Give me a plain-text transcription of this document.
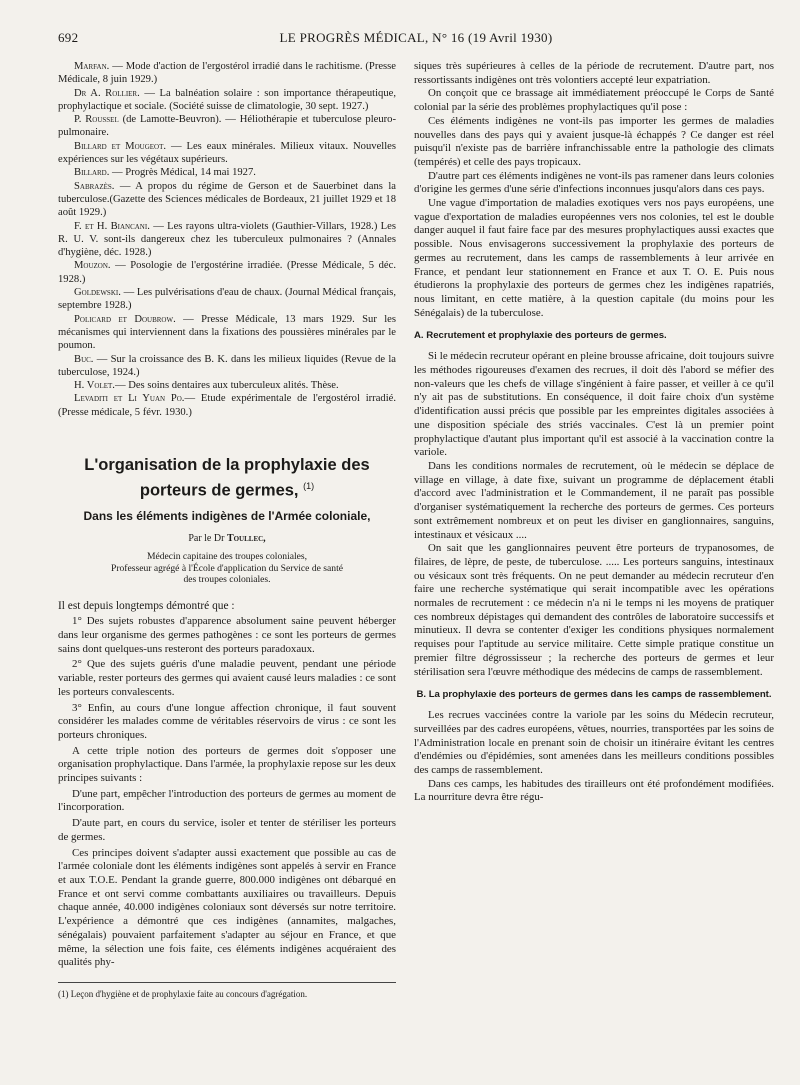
692	LE PROGRÈS MÉDICAL, N° 16 (19 Avril 1930)

Marfan. — Mode d'action de l'ergostérol irradié dans le rachitisme. (Presse Médicale, 8 juin 1929.)

Dr A. Rollier. — La balnéation solaire : son importance thérapeutique, prophylactique et sociale. (Société suisse de climatologie, 30 sept. 1927.)

P. Roussel (de Lamotte-Beuvron). — Héliothérapie et tuberculose pleuro-pulmonaire.

Billard et Mougeot. — Les eaux minérales. Milieux vitaux. Nouvelles expériences sur les végétaux supérieurs.

Billard. — Progrès Médical, 14 mai 1927.

Sabrazès. — A propos du régime de Gerson et de Sauerbinet dans la tuberculose.(Gazette des Sciences médicales de Bordeaux, 21 juillet 1929 et 18 août 1929.)

F. et H. Biancani. — Les rayons ultra-violets (Gauthier-Villars, 1928.) Les R. U. V. sont-ils dangereux chez les tuberculeux pulmonaires ? (Annales d'hygiène, déc. 1928.)

Mouzon. — Posologie de l'ergostérine irradiée. (Presse Médicale, 5 déc. 1928.)

Goldewski. — Les pulvérisations d'eau de chaux. (Journal Médical français, septembre 1928.)

Policard et Doubrow. — Presse Médicale, 13 mars 1929. Sur les mécanismes qui interviennent dans la fixations des poussières minérales par le poumon.

Buc. — Sur la croissance des B. K. dans les milieux liquides (Revue de la tuberculose, 1924.)

H. Volet.— Des soins dentaires aux tuberculeux alités. Thèse.

Levaditi et Li Yuan Po.— Etude expérimentale de l'ergostérol irradié. (Presse médicale, 5 févr. 1930.)

L'organisation de la prophylaxie des porteurs de germes, $^{(1)}$
Dans les éléments indigènes de l'Armée coloniale,
Par le Dr Toullec,
Médecin capitaine des troupes coloniales,
Professeur agrégé à l'École d'application du Service de santé
des troupes coloniales.

Il est depuis longtemps démontré que :

1° Des sujets robustes d'apparence absolument saine peuvent héberger dans leur organisme des germes pathogènes : ce sont les porteurs de germes sains dont quelques-uns resteront des porteurs paradoxaux.

2° Que des sujets guéris d'une maladie peuvent, pendant une période variable, rester porteurs des germes qui avaient causé leurs maladies : ce sont les porteurs convalescents.

3° Enfin, au cours d'une longue affection chronique, il faut souvent considérer les malades comme de véritables réservoirs de virus : ce sont les porteurs chroniques.

A cette triple notion des porteurs de germes doit s'opposer une organisation prophylactique. Dans l'armée, la prophylaxie repose sur les deux principes suivants :

D'une part, empêcher l'introduction des porteurs de germes au moment de l'incorporation.

D'aute part, en cours du service, isoler et tenter de stériliser les porteurs de germes.

Ces principes doivent s'adapter aussi exactement que possible au cas de l'armée coloniale dont les éléments indigènes sont appelés à servir en France et aux T.O.E. Pendant la grande guerre, 800.000 indigènes ont débarqué en France et ont servi comme combattants auxiliaires ou travailleurs. Depuis chaque année, 40.000 indigènes coloniaux sont déversés sur notre territoire. L'expérience a démontré que ces indigènes (annamites, malgaches, sénégalais) pouvaient parfaitement s'adapter au séjour en France, et que même, la sélection une fois faite, ces éléments indigènes acquéraient des qualités phy-

(1) Leçon d'hygiène et de prophylaxie faite au concours d'agrégation.

siques très supérieures à celles de la période de recrutement. D'autre part, nos ressortissants indigènes ont très volontiers accepté leur expatriation.

On conçoit que ce brassage ait immédiatement préoccupé le Corps de Santé colonial par la série des problèmes prophylactiques qu'il pose :

Ces éléments indigènes ne vont-ils pas importer les germes de maladies nouvelles dans des pays qui y avaient jusque-là échappés ? Ce danger est réel puisqu'il n'existe pas de barrière infranchissable entre la pathologie des climats (tempérés) et celle des pays tropicaux.

D'autre part ces éléments indigènes ne vont-ils pas ramener dans leurs colonies d'origine les germes d'une série d'infections inconnues jusqu'alors dans ces pays.

Une vague d'importation de maladies exotiques vers nos pays européens, une vague d'exportation de maladies européennes vers nos colonies, tel est le double danger auquel il faut faire face par des mesures prophylactiques aussi exactes que possible. Nous envisagerons successivement la prophylaxie des porteurs de germes au recrutement, dans les camps de rassemblements à leur arrivée en France, et pendant leur stationnement en France et aux T. O. E. Puis nous étudierons la prophylaxie des porteurs de germes chez les indigènes rapatriés, nous limitant, en cette matière, à la question capitale (du moins pour les Sénégalais) de la tuberculose.

A. Recrutement et prophylaxie des porteurs de germes.

Si le médecin recruteur opérant en pleine brousse africaine, doit toujours suivre les méthodes rigoureuses d'examen des recrues, il doit dès l'abord se méfier des non-valeurs que les chefs de village s'ingénient à faire passer, et veiller à ce qu'il n'y ait pas de substitutions. En conséquence, il doit faire choix d'un système d'identification aussi précis que possible par les empreintes digitales associées à une disposition spéciale des striés vaccinales. C'est là un premier point prophylactique d'autant plus important qu'il est associé à la vaccination contre la variole.

Dans les conditions normales de recrutement, où le médecin se déplace de village en village, à date fixe, suivant un programme de déplacement établi d'accord avec l'administration et le Commandement, il ne paraît pas possible d'organiser systématiquement la recherche des porteurs de germes. Ces porteurs sont extrêmement nombreux et on peut les diviser en ganglionnaires, sanguins, intestinaux et vésicaux ....

On sait que les ganglionnaires peuvent être porteurs de trypanosomes, de filaires, de lèpre, de peste, de tuberculose. ..... Les porteurs sanguins, intestinaux ou vésicaux sont très fréquents. On ne peut demander au médecin recruteur d'en faire une recherche systématique qui serait incompatible avec les opérations normales de recrutement : ce médecin n'a ni le temps ni les moyens de pratiquer ces nombreux dépistages qui demandent des contrôles de laboratoire successifs et minutieux. Il devra se contenter d'exiger les conditions physiques normalement requises pour l'aptitude au service militaire. Cette simple pratique constitue un premier filtre dégrossisseur ; la recherche des porteurs de germes et leur stérilisation sera l'œuvre méthodique des médecins de camps de rassemblement.

B. La prophylaxie des porteurs de germes dans les camps de rassemblement.

Les recrues vaccinées contre la variole par les soins du Médecin recruteur, surveillées par des cadres européens, vêtues, nourries, transportées par les soins de l'Administration locale en prenant soin de choisir un itinéraire évitant les centres d'endémies ou d'épidémies, sont amenées dans les meilleurs conditions possibles des camps de rassemblement.

Dans ces camps, les habitudes des tirailleurs ont été profondément modifiées. La nourriture devra être régu-
